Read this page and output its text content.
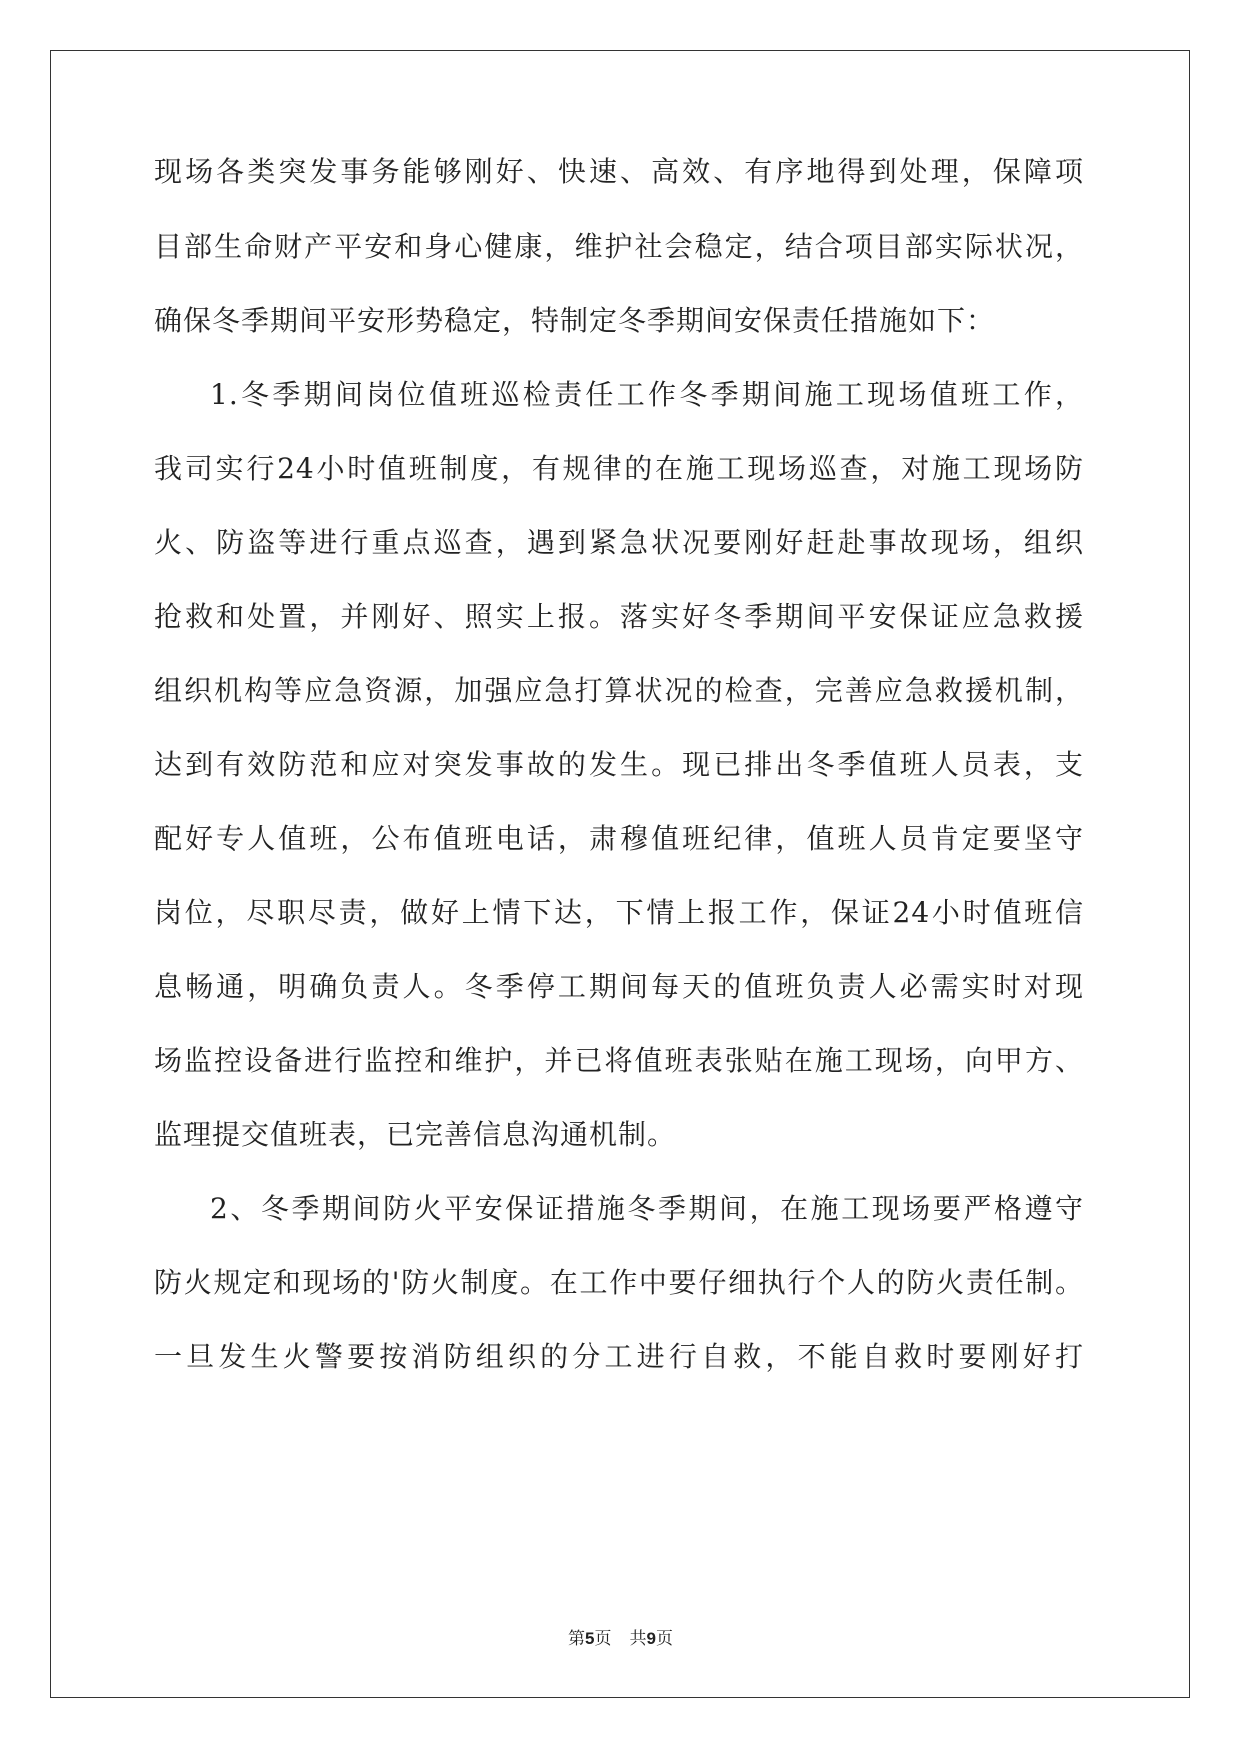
现场各类突发事务能够刚好、快速、高效、有序地得到处理，保障项
目部生命财产平安和身心健康，维护社会稳定，结合项目部实际状况，
确保冬季期间平安形势稳定，特制定冬季期间安保责任措施如下：
1.冬季期间岗位值班巡检责任工作冬季期间施工现场值班工作，
我司实行24小时值班制度，有规律的在施工现场巡查，对施工现场防
火、防盗等进行重点巡查，遇到紧急状况要刚好赶赴事故现场，组织
抢救和处置，并刚好、照实上报。落实好冬季期间平安保证应急救援
组织机构等应急资源，加强应急打算状况的检查，完善应急救援机制，
达到有效防范和应对突发事故的发生。现已排出冬季值班人员表，支
配好专人值班，公布值班电话，肃穆值班纪律，值班人员肯定要坚守
岗位，尽职尽责，做好上情下达，下情上报工作，保证24小时值班信
息畅通，明确负责人。冬季停工期间每天的值班负责人必需实时对现
场监控设备进行监控和维护，并已将值班表张贴在施工现场，向甲方、
监理提交值班表，已完善信息沟通机制。
2、冬季期间防火平安保证措施冬季期间，在施工现场要严格遵守
防火规定和现场的'防火制度。在工作中要仔细执行个人的防火责任制。
一旦发生火警要按消防组织的分工进行自救，不能自救时要刚好打
第5页 共9页
